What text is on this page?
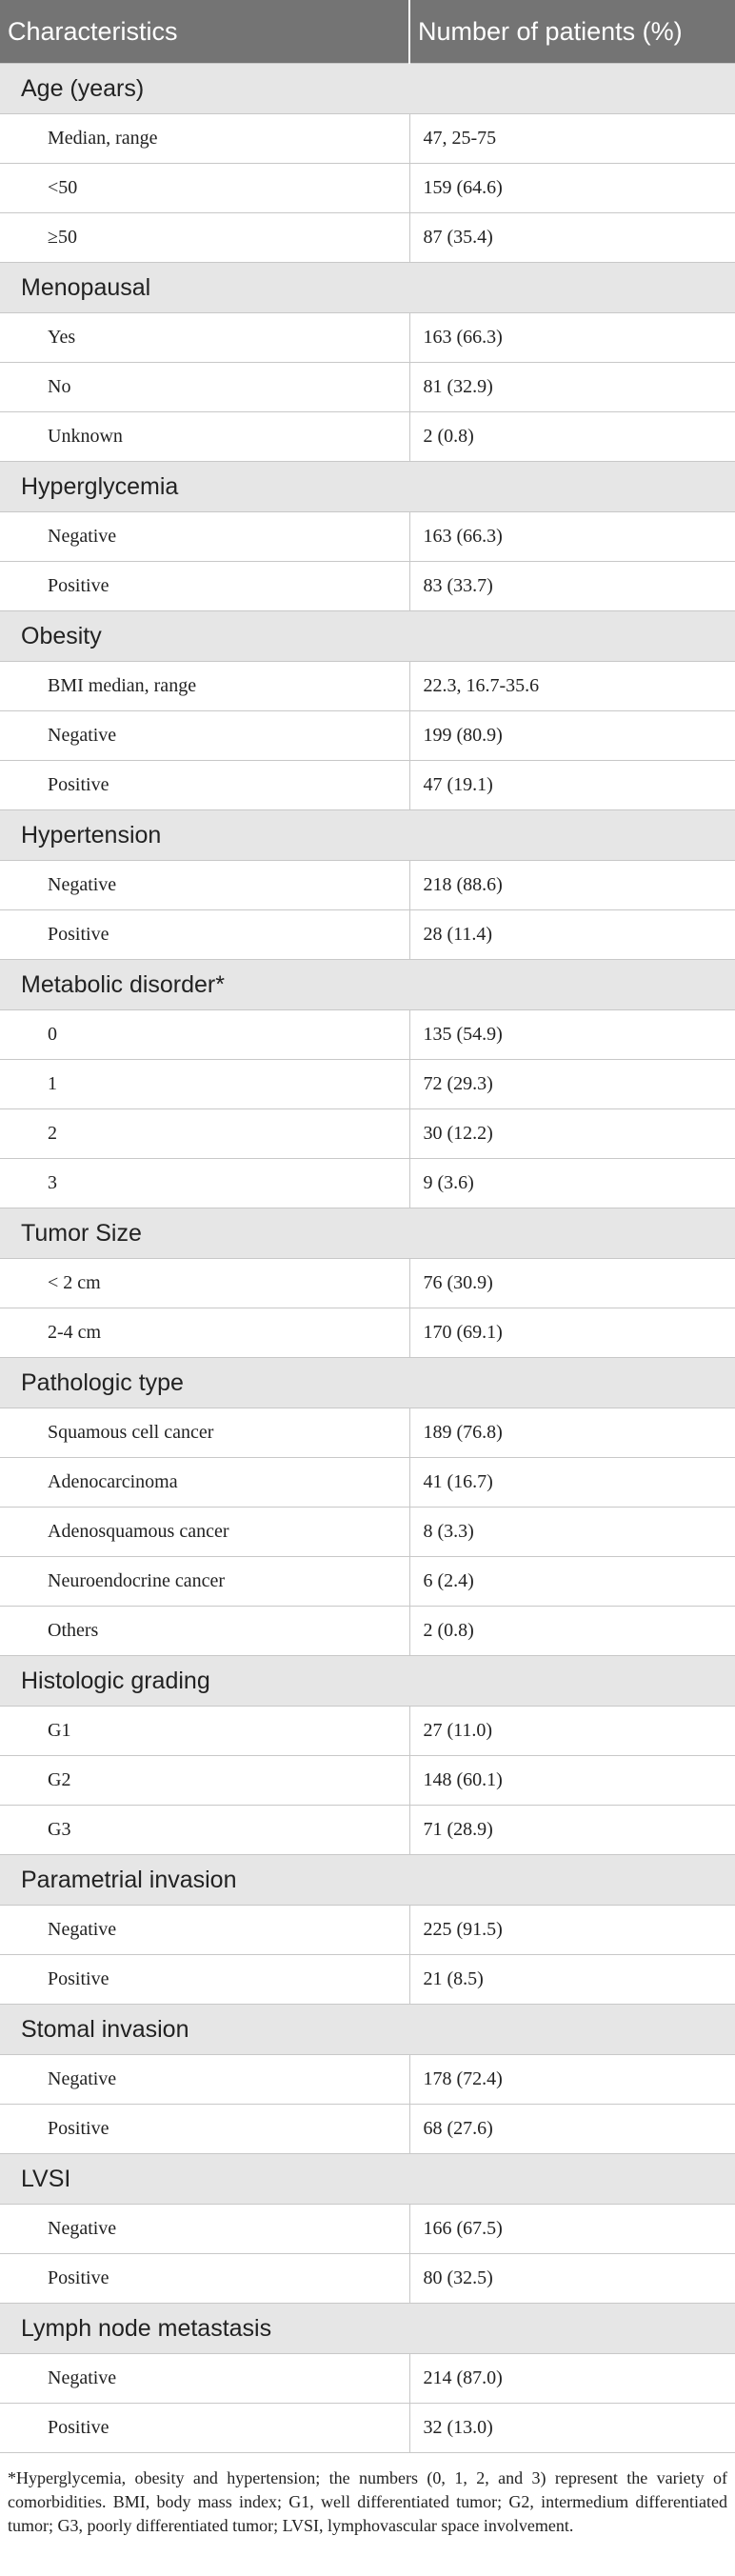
Characteristics	Number of patients (%)
Age (years)	
Median, range	47, 25-75
<50	159 (64.6)
≥50	87 (35.4)
Menopausal	
Yes	163 (66.3)
No	81 (32.9)
Unknown	2 (0.8)
Hyperglycemia	
Negative	163 (66.3)
Positive	83 (33.7)
Obesity	
BMI median, range	22.3, 16.7-35.6
Negative	199 (80.9)
Positive	47 (19.1)
Hypertension	
Negative	218 (88.6)
Positive	28 (11.4)
Metabolic disorder*	
0	135 (54.9)
1	72 (29.3)
2	30 (12.2)
3	9 (3.6)
Tumor Size	
< 2 cm	76 (30.9)
2-4 cm	170 (69.1)
Pathologic type	
Squamous cell cancer	189 (76.8)
Adenocarcinoma	41 (16.7)
Adenosquamous cancer	8 (3.3)
Neuroendocrine cancer	6 (2.4)
Others	2 (0.8)
Histologic grading	
G1	27 (11.0)
G2	148 (60.1)
G3	71 (28.9)
Parametrial invasion	
Negative	225 (91.5)
Positive	21 (8.5)
Stomal invasion	
Negative	178 (72.4)
Positive	68 (27.6)
LVSI	
Negative	166 (67.5)
Positive	80 (32.5)
Lymph node metastasis	
Negative	214 (87.0)
Positive	32 (13.0)
*Hyperglycemia, obesity and hypertension; the numbers (0, 1, 2, and 3) represent the variety of comorbidities. BMI, body mass index; G1, well differentiated tumor; G2, intermedium differentiated tumor; G3, poorly differentiated tumor; LVSI, lymphovascular space involvement.
